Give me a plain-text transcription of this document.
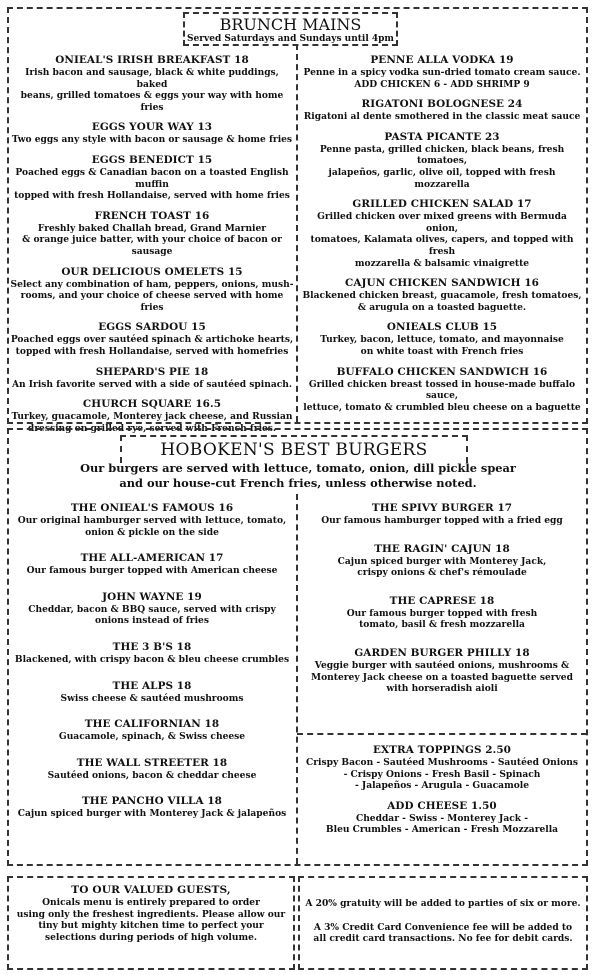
BRUNCH MAINS
Served Saturdays and Sundays until 4pm
ONIEAL'S IRISH BREAKFAST 18
Irish bacon and sausage, black & white puddings, baked
beans, grilled tomatoes & eggs your way with home fries
EGGS YOUR WAY 13
Two eggs any style with bacon or sausage & home fries
EGGS BENEDICT 15
Poached eggs & Canadian bacon on a toasted English muffin
topped with fresh Hollandaise, served with home fries
FRENCH TOAST 16
Freshly baked Challah bread, Grand Marnier
& orange juice batter, with your choice of bacon or sausage
OUR DELICIOUS OMELETS 15
Select any combination of ham, peppers, onions, mush-
rooms, and your choice of cheese served with home fries
EGGS SARDOU 15
Poached eggs over sautéed spinach & artichoke hearts,
topped with fresh Hollandaise, served with homefries
SHEPARD'S PIE 18
An Irish favorite served with a side of sautéed spinach.
CHURCH SQUARE 16.5
Turkey, guacamole, Monterey jack cheese, and Russian
dressing on grilled rye, served with French fries.
PENNE ALLA VODKA 19
Penne in a spicy vodka sun-dried tomato cream sauce.
ADD CHICKEN 6 - ADD SHRIMP 9
RIGATONI BOLOGNESE 24
Rigatoni al dente smothered in the classic meat sauce
PASTA PICANTE 23
Penne pasta, grilled chicken, black beans, fresh tomatoes,
jalapeños, garlic, olive oil, topped with fresh mozzarella
GRILLED CHICKEN SALAD 17
Grilled chicken over mixed greens with Bermuda onion,
tomatoes, Kalamata olives, capers, and topped with fresh
mozzarella & balsamic vinaigrette
CAJUN CHICKEN SANDWICH 16
Blackened chicken breast, guacamole, fresh tomatoes,
& arugula on a toasted baguette.
ONIEALS CLUB 15
Turkey, bacon, lettuce, tomato, and mayonnaise
on white toast with French fries
BUFFALO CHICKEN SANDWICH 16
Grilled chicken breast tossed in house-made buffalo sauce,
lettuce, tomato & crumbled bleu cheese on a baguette
HOBOKEN'S BEST BURGERS
Our burgers are served with lettuce, tomato, onion, dill pickle spear
and our house-cut French fries, unless otherwise noted.
THE ONIEAL'S FAMOUS 16
Our original hamburger served with lettuce, tomato,
onion & pickle on the side
THE ALL-AMERICAN 17
Our famous burger topped with American cheese
JOHN WAYNE 19
Cheddar, bacon & BBQ sauce, served with crispy
onions instead of fries
THE 3 B'S 18
Blackened, with crispy bacon & bleu cheese crumbles
THE ALPS 18
Swiss cheese & sautéed mushrooms
THE CALIFORNIAN 18
Guacamole, spinach, & Swiss cheese
THE WALL STREETER 18
Sautéed onions, bacon & cheddar cheese
THE PANCHO VILLA 18
Cajun spiced burger with Monterey Jack & jalapeños
THE SPIVY BURGER 17
Our famous hamburger topped with a fried egg
THE RAGIN' CAJUN 18
Cajun spiced burger with Monterey Jack,
crispy onions & chef's rémoulade
THE CAPRESE 18
Our famous burger topped with fresh
tomato, basil & fresh mozzarella
GARDEN BURGER PHILLY 18
Veggie burger with sautéed onions, mushrooms &
Monterey Jack cheese on a toasted baguette served
with horseradish aioli
EXTRA TOPPINGS 2.50
Crispy Bacon - Sautéed Mushrooms - Sautéed Onions
- Crispy Onions - Fresh Basil - Spinach
- Jalapeños - Arugula - Guacamole
ADD CHEESE 1.50
Cheddar - Swiss - Monterey Jack -
Bleu Crumbles - American - Fresh Mozzarella
TO OUR VALUED GUESTS,
Onicals menu is entirely prepared to order
using only the freshest ingredients. Please allow our
tiny but mighty kitchen time to perfect your
selections during periods of high volume.
A 20% gratuity will be added to parties of six or more.
A 3% Credit Card Convenience fee will be added to
all credit card transactions. No fee for debit cards.
